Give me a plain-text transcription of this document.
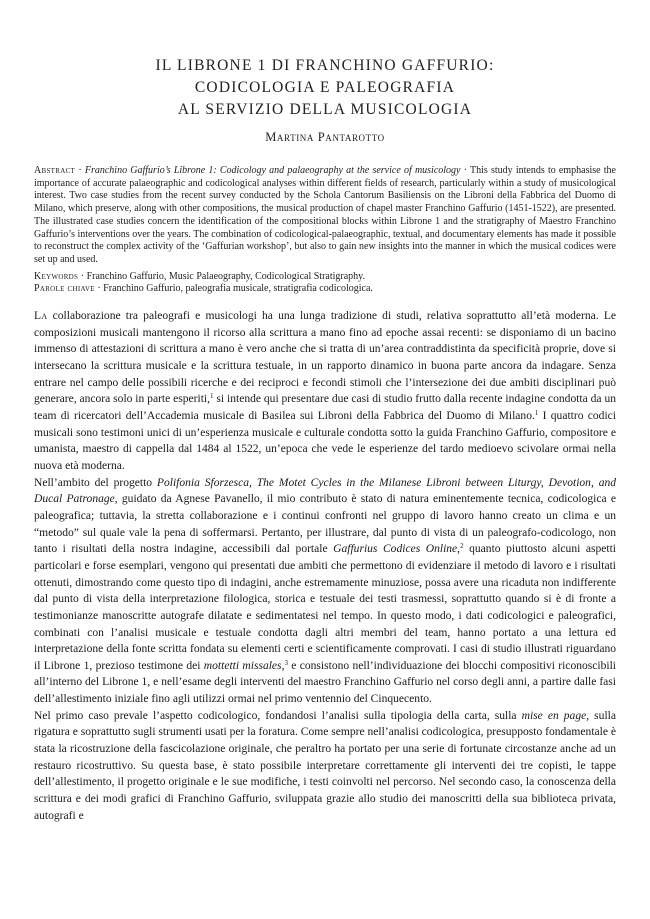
IL LIBRONE 1 DI FRANCHINO GAFFURIO:
CODICOLOGIA E PALEOGRAFIA
AL SERVIZIO DELLA MUSICOLOGIA
Martina Pantarotto
Abstract · Franchino Gaffurio’s Librone 1: Codicology and palaeography at the service of musicology · This study intends to emphasise the importance of accurate palaeographic and codicological analyses within different fields of research, particularly within a study of musicological interest. Two case studies from the recent survey conducted by the Schola Cantorum Basiliensis on the Libroni della Fabbrica del Duomo di Milano, which preserve, along with other compositions, the musical production of chapel master Franchino Gaffurio (1451-1522), are presented. The illustrated case studies concern the identification of the compositional blocks within Librone 1 and the stratigraphy of Maestro Franchino Gaffurio’s interventions over the years. The combination of codicological-palaeographic, textual, and documentary elements has made it possible to reconstruct the complex activity of the ‘Gaffurian workshop’, but also to gain new insights into the manner in which the musical codices were set up and used.
Keywords · Franchino Gaffurio, Music Palaeography, Codicological Stratigraphy.
Parole chiave · Franchino Gaffurio, paleografia musicale, stratigrafia codicologica.

La collaborazione tra paleografi e musicologi ha una lunga tradizione di studi, relativa soprattutto all’età moderna. Le composizioni musicali mantengono il ricorso alla scrittura a mano fino ad epoche assai recenti: se disponiamo di un bacino immenso di attestazioni di scrittura a mano è vero anche che si tratta di un’area contraddistinta da specificità proprie, dove si intersecano la scrittura musicale e la scrittura testuale, in un rapporto dinamico in buona parte ancora da indagare. Senza entrare nel campo delle possibili ricerche e dei reciproci e fecondi stimoli che l’intersezione dei due ambiti disciplinari può generare, ancora solo in parte esperiti,$^1$ si intende qui presentare due casi di studio frutto dalla recente indagine condotta da un team di ricercatori dell’Accademia musicale di Basilea sui Libroni della Fabbrica del Duomo di Milano.$^1$ I quattro codici musicali sono testimoni unici di un’esperienza musicale e culturale condotta sotto la guida Franchino Gaffurio, compositore e umanista, maestro di cappella dal 1484 al 1522, un’epoca che vede le esperienze del tardo medioevo scivolare ormai nella nuova età moderna.

Nell’ambito del progetto Polifonia Sforzesca, The Motet Cycles in the Milanese Libroni between Liturgy, Devotion, and Ducal Patronage, guidato da Agnese Pavanello, il mio contributo è stato di natura eminentemente tecnica, codicologica e paleografica; tuttavia, la stretta collaborazione e i continui confronti nel gruppo di lavoro hanno creato un clima e un “metodo” sul quale vale la pena di soffermarsi. Pertanto, per illustrare, dal punto di vista di un paleografo-codicologo, non tanto i risultati della nostra indagine, accessibili dal portale Gaffurius Codices Online,$^2$ quanto piuttosto alcuni aspetti particolari e forse esemplari, vengono qui presentati due ambiti che permettono di evidenziare il metodo di lavoro e i risultati ottenuti, dimostrando come questo tipo di indagini, anche estremamente minuziose, possa avere una ricaduta non indifferente dal punto di vista della interpretazione filologica, storica e testuale dei testi trasmessi, soprattutto quando si è di fronte a testimonianze manoscritte autografe dilatate e sedimentatesi nel tempo. In questo modo, i dati codicologici e paleografici, combinati con l’analisi musicale e testuale condotta dagli altri membri del team, hanno portato a una lettura ed interpretazione della fonte scritta fondata su elementi certi e scientificamente comprovati. I casi di studio illustrati riguardano il Librone 1, prezioso testimone dei mottetti missales,$^3$ e consistono nell’individuazione dei blocchi compositivi riconoscibili all’interno del Librone 1, e nell’esame degli interventi del maestro Franchino Gaffurio nel corso degli anni, a partire dalle fasi dell’allestimento iniziale fino agli utilizzi ormai nel primo ventennio del Cinquecento.

Nel primo caso prevale l’aspetto codicologico, fondandosi l’analisi sulla tipologia della carta, sulla mise en page, sulla rigatura e soprattutto sugli strumenti usati per la foratura. Come sempre nell’analisi codicologica, presupposto fondamentale è stata la ricostruzione della fascicolazione originale, che peraltro ha portato per una serie di fortunate circostanze anche ad un restauro ricostruttivo. Su questa base, è stato possibile interpretare correttamente gli interventi dei tre copisti, le tappe dell’allestimento, il progetto originale e le sue modifiche, i testi coinvolti nel percorso. Nel secondo caso, la conoscenza della scrittura e dei modi grafici di Franchino Gaffurio, sviluppata grazie allo studio dei manoscritti della sua biblioteca privata, autografi e
